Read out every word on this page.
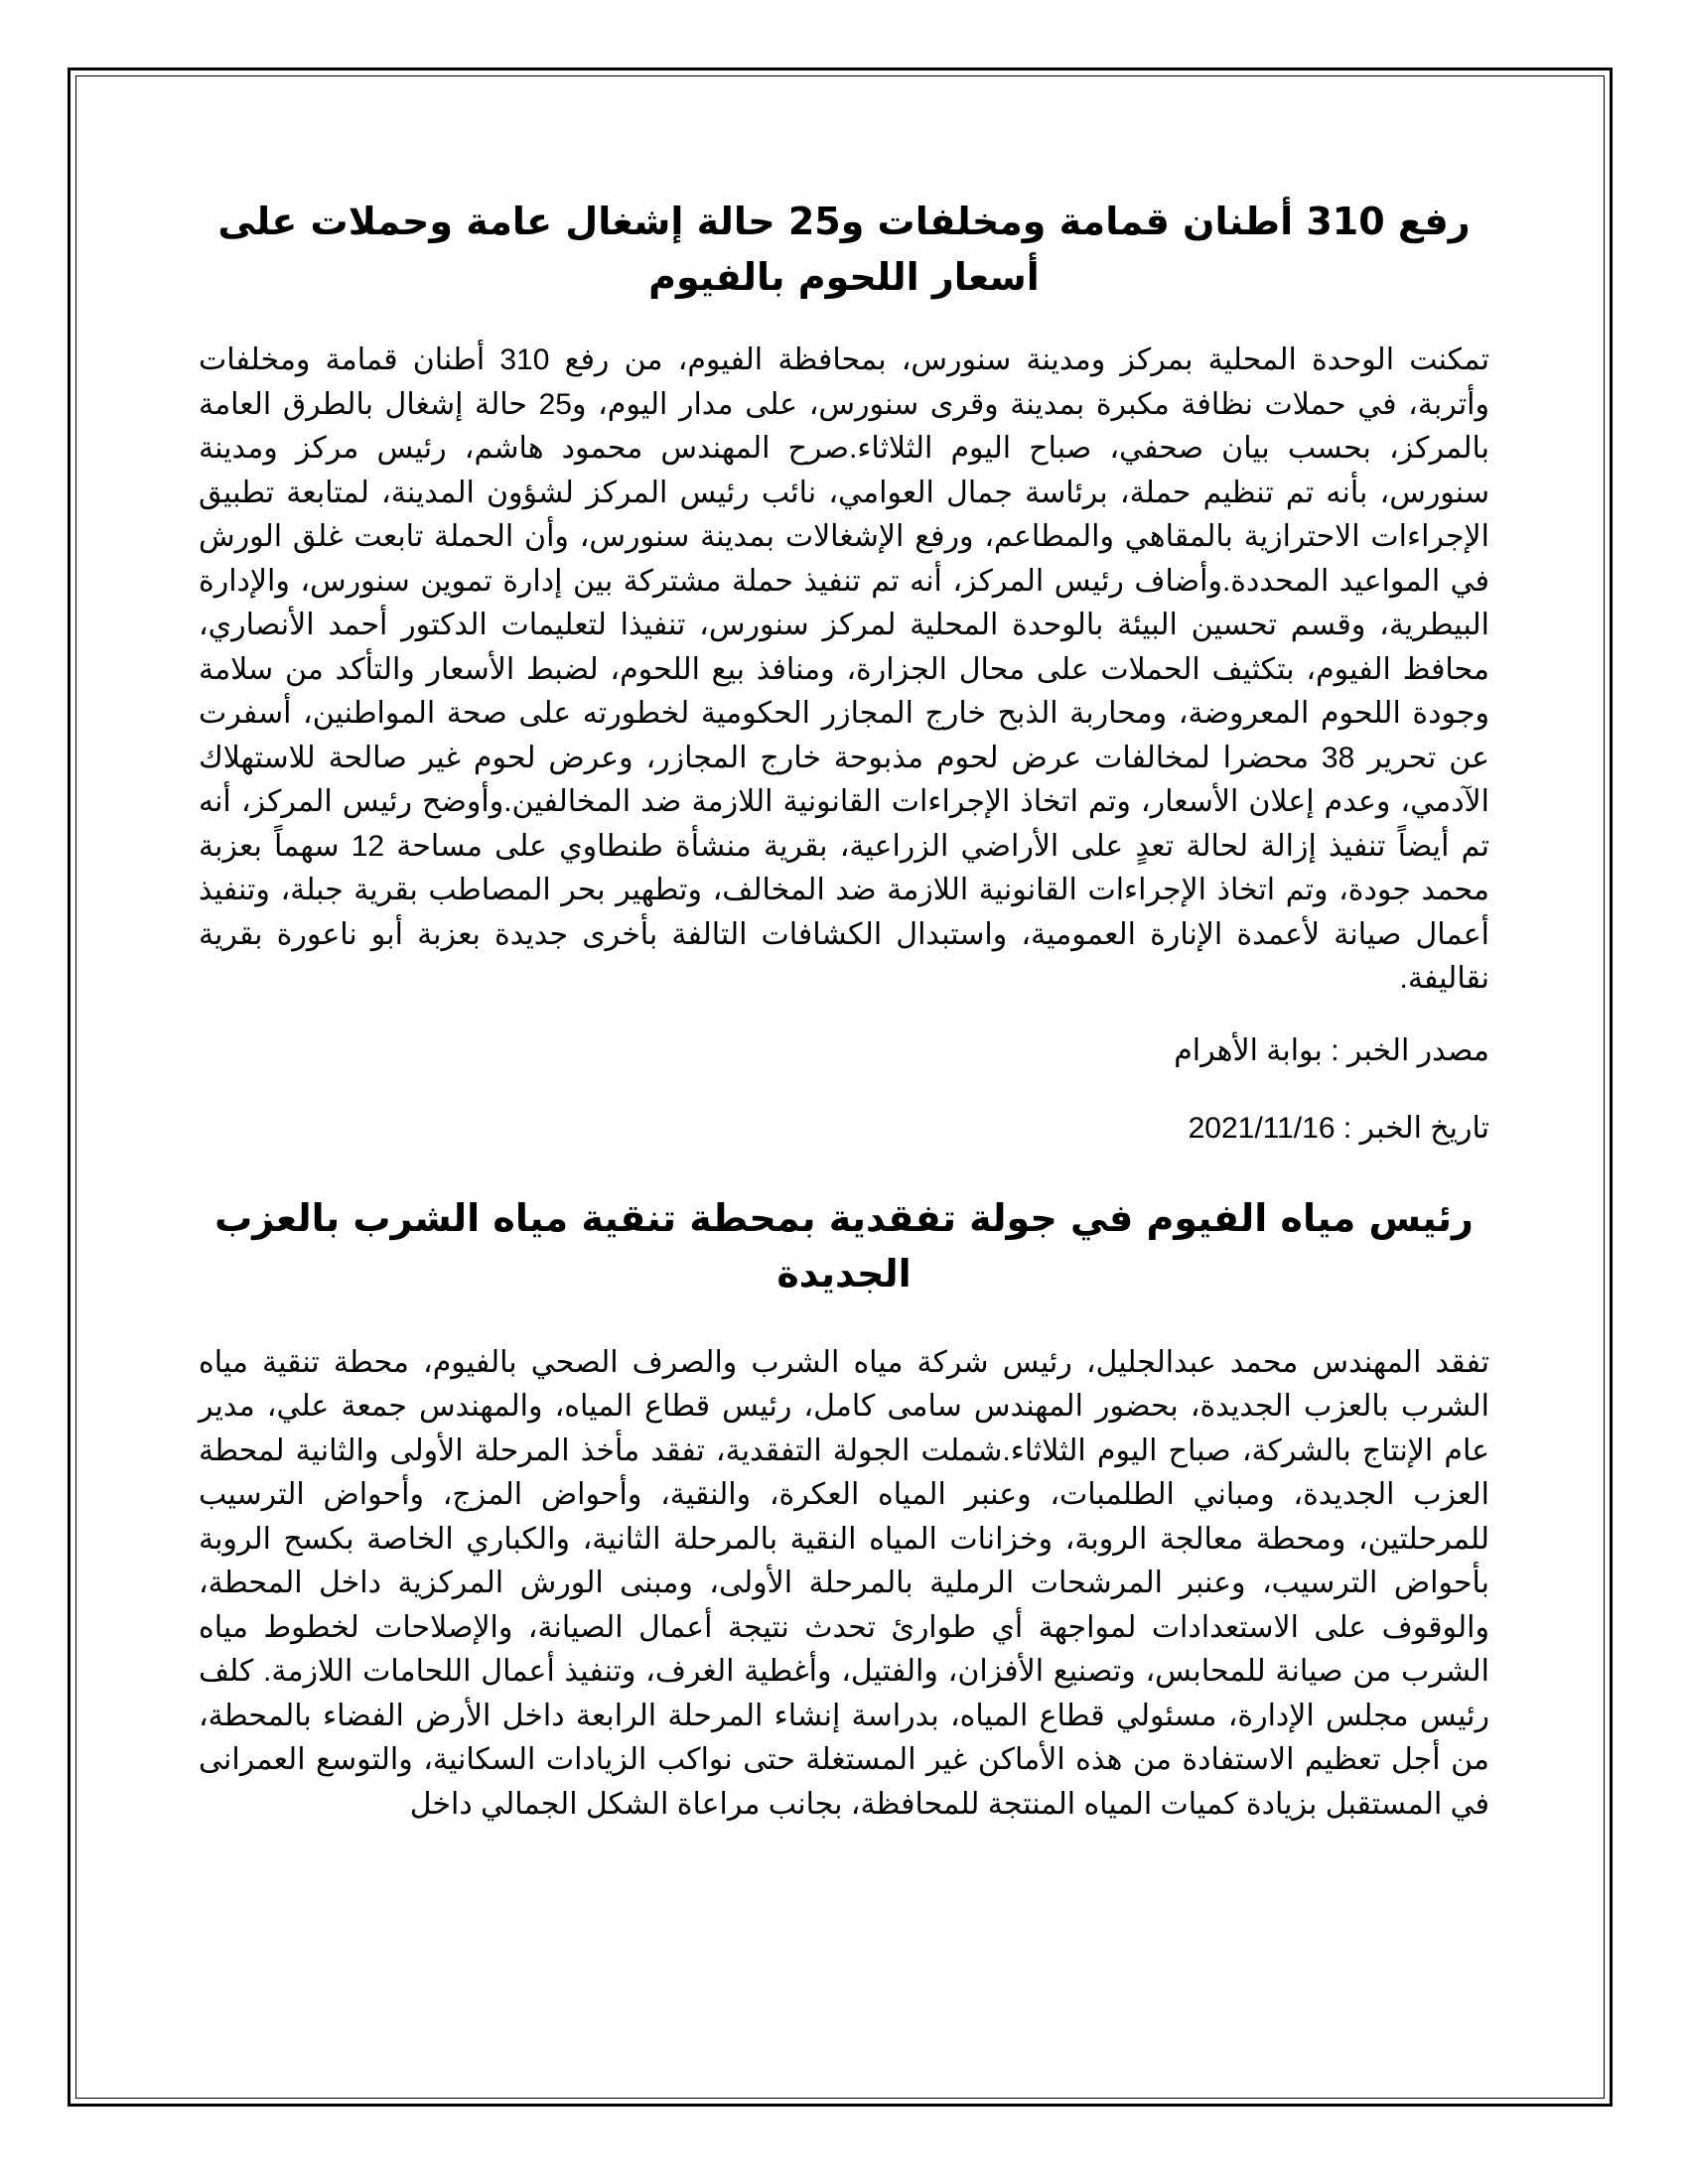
رفع 310 أطنان قمامة ومخلفات و25 حالة إشغال عامة وحملات على أسعار اللحوم بالفيوم

تمكنت الوحدة المحلية بمركز ومدينة سنورس، بمحافظة الفيوم، من رفع 310 أطنان قمامة ومخلفات وأتربة، في حملات نظافة مكبرة بمدينة وقرى سنورس، على مدار اليوم، و25 حالة إشغال بالطرق العامة بالمركز، بحسب بيان صحفي، صباح اليوم الثلاثاء.صرح المهندس محمود هاشم، رئيس مركز ومدينة سنورس، بأنه تم تنظيم حملة، برئاسة جمال العوامي، نائب رئيس المركز لشؤون المدينة، لمتابعة تطبيق الإجراءات الاحترازية بالمقاهي والمطاعم، ورفع الإشغالات بمدينة سنورس، وأن الحملة تابعت غلق الورش في المواعيد المحددة.وأضاف رئيس المركز، أنه تم تنفيذ حملة مشتركة بين إدارة تموين سنورس، والإدارة البيطرية، وقسم تحسين البيئة بالوحدة المحلية لمركز سنورس، تنفيذا لتعليمات الدكتور أحمد الأنصاري، محافظ الفيوم، بتكثيف الحملات على محال الجزارة، ومنافذ بيع اللحوم، لضبط الأسعار والتأكد من سلامة وجودة اللحوم المعروضة، ومحاربة الذبح خارج المجازر الحكومية لخطورته على صحة المواطنين، أسفرت عن تحرير 38 محضرا لمخالفات عرض لحوم مذبوحة خارج المجازر، وعرض لحوم غير صالحة للاستهلاك الآدمي، وعدم إعلان الأسعار، وتم اتخاذ الإجراءات القانونية اللازمة ضد المخالفين.وأوضح رئيس المركز، أنه تم أيضاً تنفيذ إزالة لحالة تعدٍ على الأراضي الزراعية، بقرية منشأة طنطاوي على مساحة 12 سهماً بعزبة محمد جودة، وتم اتخاذ الإجراءات القانونية اللازمة ضد المخالف، وتطهير بحر المصاطب بقرية جبلة، وتنفيذ أعمال صيانة لأعمدة الإنارة العمومية، واستبدال الكشافات التالفة بأخرى جديدة بعزبة أبو ناعورة بقرية نقاليفة.

مصدر الخبر : بوابة الأهرام

تاريخ الخبر : 2021/11/16

رئيس مياه الفيوم في جولة تفقدية بمحطة تنقية مياه الشرب بالعزب الجديدة

تفقد المهندس محمد عبدالجليل، رئيس شركة مياه الشرب والصرف الصحي بالفيوم، محطة تنقية مياه الشرب بالعزب الجديدة، بحضور المهندس سامى كامل، رئيس قطاع المياه، والمهندس جمعة علي، مدير عام الإنتاج بالشركة، صباح اليوم الثلاثاء.شملت الجولة التفقدية، تفقد مأخذ المرحلة الأولى والثانية لمحطة العزب الجديدة، ومباني الطلمبات، وعنبر المياه العكرة، والنقية، وأحواض المزج، وأحواض الترسيب للمرحلتين، ومحطة معالجة الروبة، وخزانات المياه النقية بالمرحلة الثانية، والكباري الخاصة بكسح الروبة بأحواض الترسيب، وعنبر المرشحات الرملية بالمرحلة الأولى، ومبنى الورش المركزية داخل المحطة، والوقوف على الاستعدادات لمواجهة أي طوارئ تحدث نتيجة أعمال الصيانة، والإصلاحات لخطوط مياه الشرب من صيانة للمحابس، وتصنيع الأفزان، والفتيل، وأغطية الغرف، وتنفيذ أعمال اللحامات اللازمة. كلف رئيس مجلس الإدارة، مسئولي قطاع المياه، بدراسة إنشاء المرحلة الرابعة داخل الأرض الفضاء بالمحطة، من أجل تعظيم الاستفادة من هذه الأماكن غير المستغلة حتى نواكب الزيادات السكانية، والتوسع العمرانى في المستقبل بزيادة كميات المياه المنتجة للمحافظة، بجانب مراعاة الشكل الجمالي داخل
